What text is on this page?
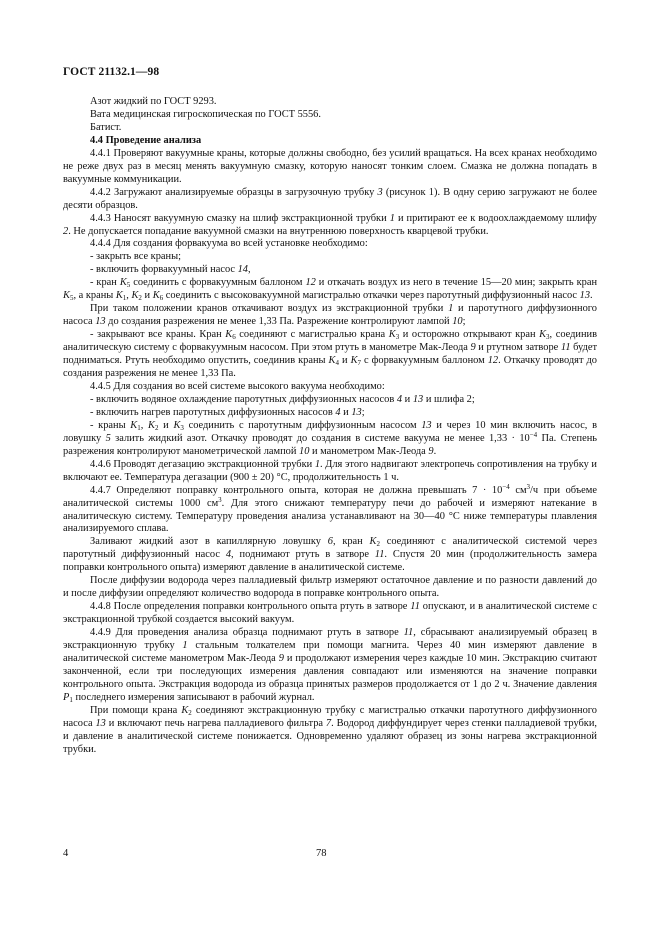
ГОСТ 21132.1—98

Азот жидкий по ГОСТ 9293.

Вата медицинская гигроскопическая по ГОСТ 5556.

Батист.

4.4 Проведение анализа

4.4.1 Проверяют вакуумные краны, которые должны свободно, без усилий вращаться. На всех кранах необходимо не реже двух раз в месяц менять вакуумную смазку, которую наносят тонким слоем. Смазка не должна попадать в вакуумные коммуникации.

4.4.2 Загружают анализируемые образцы в загрузочную трубку 3 (рисунок 1). В одну серию загружают не более десяти образцов.

4.4.3 Наносят вакуумную смазку на шлиф экстракционной трубки 1 и притирают ее к водоохлаждаемому шлифу 2. Не допускается попадание вакуумной смазки на внутреннюю поверхность кварцевой трубки.

4.4.4 Для создания форвакуума во всей установке необходимо:

- закрыть все краны;

- включить форвакуумный насос 14,

- кран $K_5$ соединить с форвакуумным баллоном 12 и откачать воздух из него в течение 15—20 мин; закрыть кран $K_5$, а краны $K_1$, $K_2$ и $K_6$ соединить с высоковакуумной магистралью откачки через паротутный диффузионный насос 13.

При таком положении кранов откачивают воздух из экстракционной трубки 1 и паротутного диффузионного насоса 13 до создания разрежения не менее 1,33 Па. Разрежение контролируют лампой 10;

- закрывают все краны. Кран $K_6$ соединяют с магистралью крана $K_3$ и осторожно открывают кран $K_3$, соединив аналитическую систему с форвакуумным насосом. При этом ртуть в манометре Мак-Леода 9 и ртутном затворе 11 будет подниматься. Ртуть необходимо опустить, соединив краны $K_4$ и $K_7$ с форвакуумным баллоном 12. Откачку проводят до создания разрежения не менее 1,33 Па.

4.4.5 Для создания во всей системе высокого вакуума необходимо:

- включить водяное охлаждение паротутных диффузионных насосов 4 и 13 и шлифа 2;

- включить нагрев паротутных диффузионных насосов 4 и 13;

- краны $K_1$, $K_2$ и $K_3$ соединить с паротутным диффузионным насосом 13 и через 10 мин включить насос, в ловушку 5 залить жидкий азот. Откачку проводят до создания в системе вакуума не менее $1,33 \cdot 10^{-4}$ Па. Степень разрежения контролируют манометрической лампой 10 и манометром Мак-Леода 9.

4.4.6 Проводят дегазацию экстракционной трубки 1. Для этого надвигают электропечь сопротивления на трубку и включают ее. Температура дегазации (900 ± 20) °С, продолжительность 1 ч.

4.4.7 Определяют поправку контрольного опыта, которая не должна превышать $7 \cdot 10^{-4}$ $см^3/ч$ при объеме аналитической системы 1000 $см^3$. Для этого снижают температуру печи до рабочей и измеряют натекание в аналитическую систему. Температуру проведения анализа устанавливают на 30—40 °С ниже температуры плавления анализируемого сплава.

Заливают жидкий азот в капиллярную ловушку 6, кран $K_2$ соединяют с аналитической системой через паротутный диффузионный насос 4, поднимают ртуть в затворе 11. Спустя 20 мин (продолжительность замера поправки контрольного опыта) измеряют давление в аналитической системе.

После диффузии водорода через палладиевый фильтр измеряют остаточное давление и по разности давлений до и после диффузии определяют количество водорода в поправке контрольного опыта.

4.4.8 После определения поправки контрольного опыта ртуть в затворе 11 опускают, и в аналитической системе с экстракционной трубкой создается высокий вакуум.

4.4.9 Для проведения анализа образца поднимают ртуть в затворе 11, сбрасывают анализируемый образец в экстракционную трубку 1 стальным толкателем при помощи магнита. Через 40 мин измеряют давление в аналитической системе манометром Мак-Леода 9 и продолжают измерения через каждые 10 мин. Экстракцию считают законченной, если три последующих измерения давления совпадают или изменяются на значение поправки контрольного опыта. Экстракция водорода из образца принятых размеров продолжается от 1 до 2 ч. Значение давления $P_1$ последнего измерения записывают в рабочий журнал.

При помощи крана $K_2$ соединяют экстракционную трубку с магистралью откачки паротутного диффузионного насоса 13 и включают печь нагрева палладиевого фильтра 7. Водород диффундирует через стенки палладиевой трубки, и давление в аналитической системе понижается. Одновременно удаляют образец из зоны нагрева экстракционной трубки.

4	78
